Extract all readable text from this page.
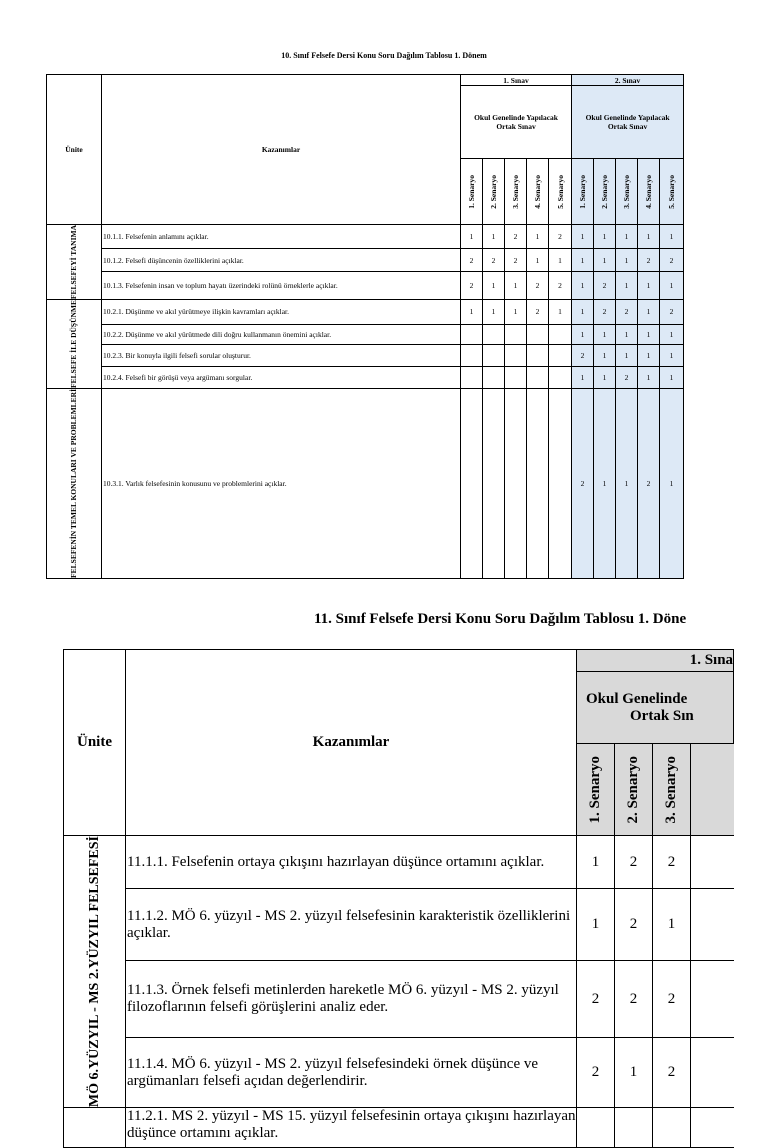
10. Sınıf Felsefe Dersi Konu Soru Dağılım Tablosu 1. Dönem
Ünite	Kazanımlar	1. Sınav					2. Sınav				
		Okul Genelinde Yapılacak Ortak Sınav					Okul Genelinde Yapılacak Ortak Sınav				

		1. Senaryo	2. Senaryo	3. Senaryo	4. Senaryo	5. Senaryo	1. Senaryo	2. Senaryo	3. Senaryo	4. Senaryo	5. Senaryo

FELSEFEYİ TANIMA	10.1.1. Felsefenin anlamını açıklar.	1	1	2	1	2	1	1	1	1	1
	10.1.2. Felsefi düşüncenin özelliklerini açıklar.	2	2	2	1	1	1	1	1	2	2
	10.1.3. Felsefenin insan ve toplum hayatı üzerindeki rolünü örneklerle açıklar.	2	1	1	2	2	1	2	1	1	1

FELSEFE İLE DÜŞÜNME	10.2.1. Düşünme ve akıl yürütmeye ilişkin kavramları açıklar.	1	1	1	2	1	1	2	2	1	2
	10.2.2. Düşünme ve akıl yürütmede dili doğru kullanmanın önemini açıklar.						1	1	1	1	1
	10.2.3. Bir konuyla ilgili felsefi sorular oluşturur.						2	1	1	1	1
	10.2.4. Felsefi bir görüşü veya argümanı sorgular.						1	1	2	1	1

FELSEFENİN TEMEL KONULARI VE PROBLEMLERİ	10.3.1. Varlık felsefesinin konusunu ve problemlerini açıklar.						2	1	1	2	1
11. Sınıf Felsefe Dersi Konu Soru Dağılım Tablosu 1. Döne
Ünite	Kazanımlar	1. Sına			

		Okul Genelinde
Ortak Sın			

		1. Senaryo	2. Senaryo	3. Senaryo	

MÖ 6.YÜZYIL - MS 2.YÜZYIL FELSEFESİ	11.1.1. Felsefenin ortaya çıkışını hazırlayan düşünce ortamını açıklar.	1	2	2	
	11.1.2. MÖ 6. yüzyıl - MS 2. yüzyıl felsefesinin karakteristik özelliklerini açıklar.	1	2	1	
	11.1.3. Örnek felsefi metinlerden hareketle MÖ 6. yüzyıl - MS 2. yüzyıl filozoflarının felsefi görüşlerini analiz eder.	2	2	2	
	11.1.4. MÖ 6. yüzyıl - MS 2. yüzyıl felsefesindeki örnek düşünce ve argümanları felsefi açıdan değerlendirir.	2	1	2	
	11.2.1. MS 2. yüzyıl - MS 15. yüzyıl felsefesinin ortaya çıkışını hazırlayan düşünce ortamını açıklar.				
